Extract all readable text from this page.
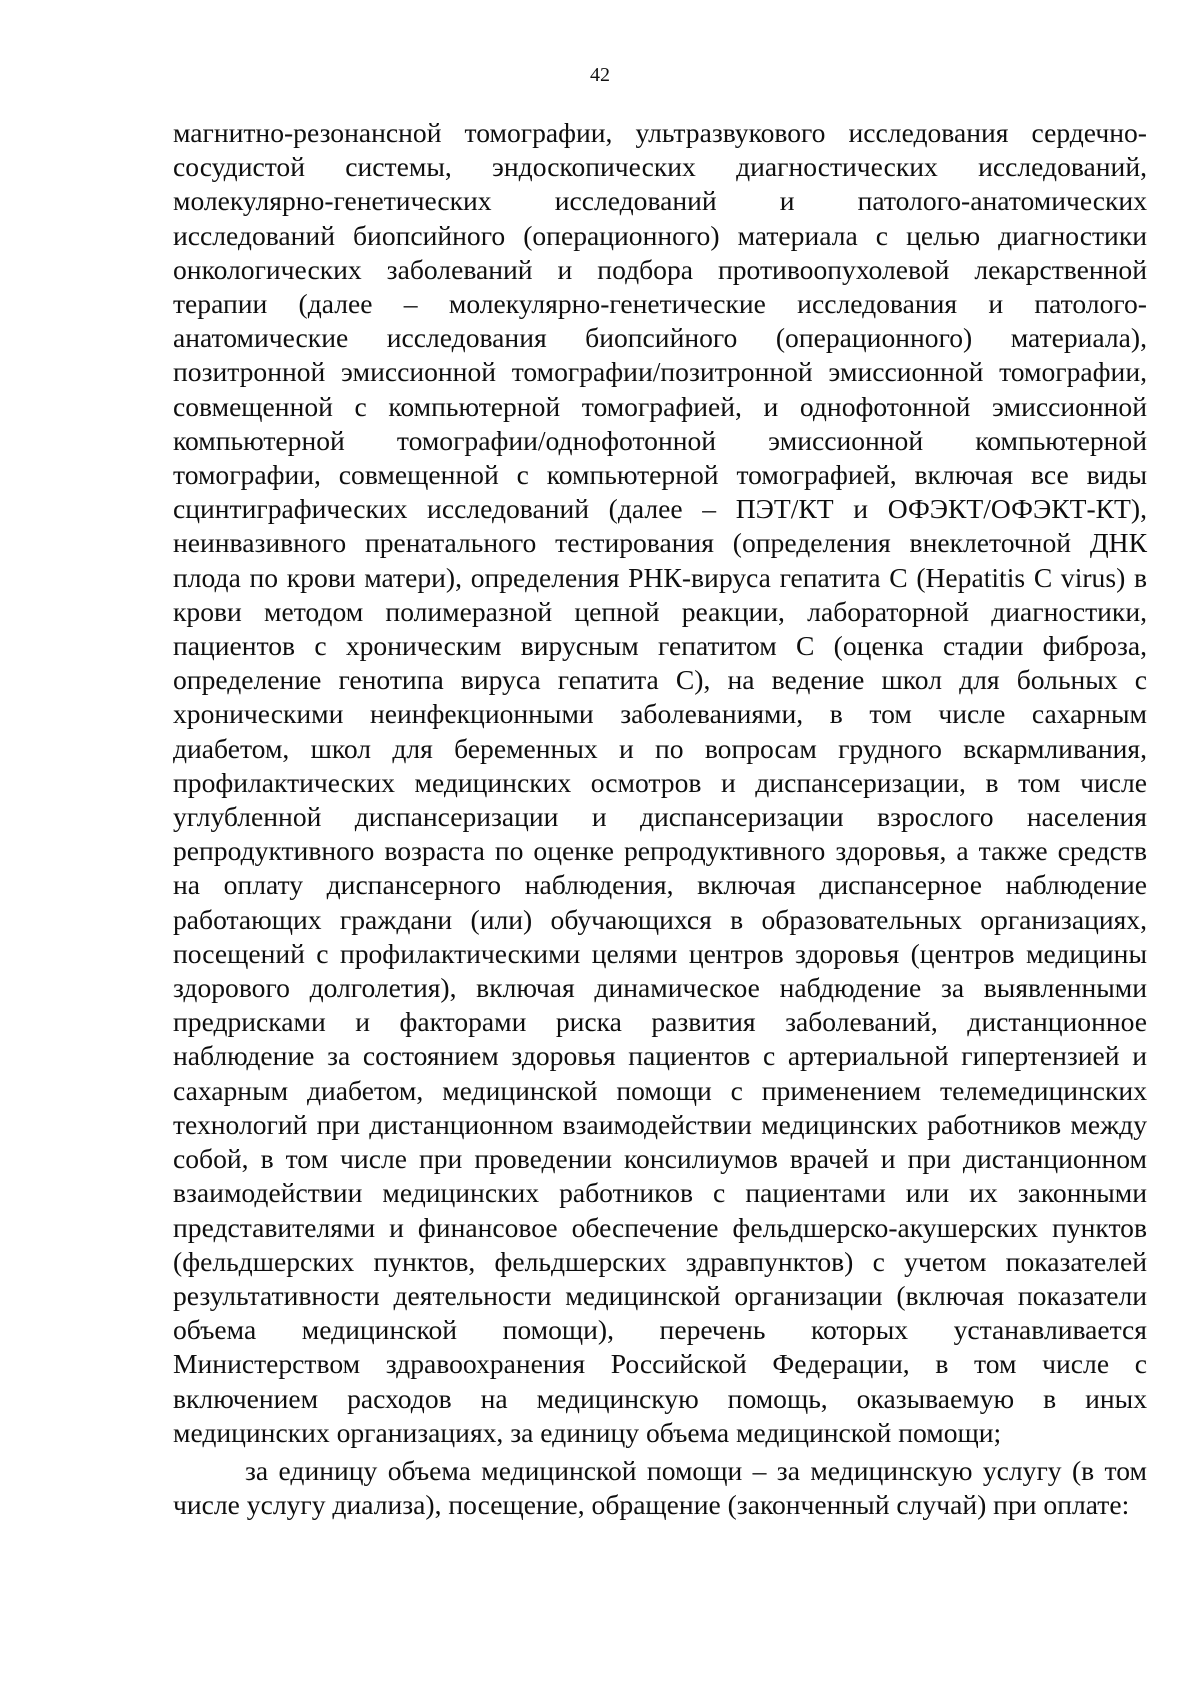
42

магнитно-резонансной томографии, ультразвукового исследования сердечно-сосудистой системы, эндоскопических диагностических исследований, молекулярно-генетических исследований и патолого-анатомических исследований биопсийного (операционного) материала с целью диагностики онкологических заболеваний и подбора противоопухолевой лекарственной терапии (далее – молекулярно-генетические исследования и патолого-анатомические исследования биопсийного (операционного) материала), позитронной эмиссионной томографии/позитронной эмиссионной томографии, совмещенной с компьютерной томографией, и однофотонной эмиссионной компьютерной томографии/однофотонной эмиссионной компьютерной томографии, совмещенной с компьютерной томографией, включая все виды сцинтиграфических исследований (далее – ПЭТ/КТ и ОФЭКТ/ОФЭКТ-КТ), неинвазивного пренатального тестирования (определения внеклеточной ДНК плода по крови матери), определения РНК-вируса гепатита С (Hepatitis C virus) в крови методом полимеразной цепной реакции, лабораторной диагностики, пациентов с хроническим вирусным гепатитом С (оценка стадии фиброза, определение генотипа вируса гепатита С), на ведение школ для больных с хроническими неинфекционными заболеваниями, в том числе сахарным диабетом, школ для беременных и по вопросам грудного вскармливания, профилактических медицинских осмотров и диспансеризации, в том числе углубленной диспансеризации и диспансеризации взрослого населения репродуктивного возраста по оценке репродуктивного здоровья, а также средств на оплату диспансерного наблюдения, включая диспансерное наблюдение работающих граждани (или) обучающихся в образовательных организациях, посещений с профилактическими целями центров здоровья (центров медицины здорового долголетия), включая динамическое набдюдение за выявленными предрисками и факторами риска развития заболеваний, дистанционное наблюдение за состоянием здоровья пациентов с артериальной гипертензией и сахарным диабетом, медицинской помощи с применением телемедицинских технологий при дистанционном взаимодействии медицинских работников между собой, в том числе при проведении консилиумов врачей и при дистанционном взаимодействии медицинских работников с пациентами или их законными представителями и финансовое обеспечение фельдшерско-акушерских пунктов (фельдшерских пунктов, фельдшерских здравпунктов) с учетом показателей результативности деятельности медицинской организации (включая показатели объема медицинской помощи), перечень которых устанавливается Министерством здравоохранения Российской Федерации, в том числе с включением расходов на медицинскую помощь, оказываемую в иных медицинских организациях, за единицу объема медицинской помощи;

за единицу объема медицинской помощи – за медицинскую услугу (в том числе услугу диализа), посещение, обращение (законченный случай) при оплате:
